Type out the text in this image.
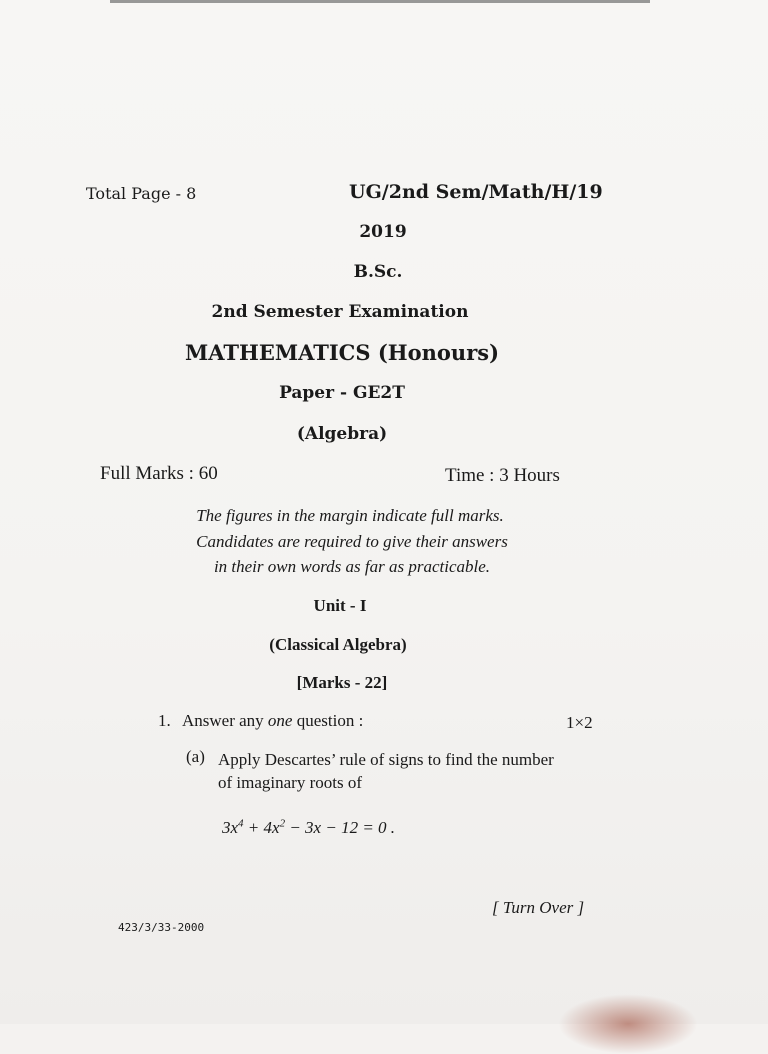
Total Page - 8	UG/2nd Sem/Math/H/19
2019
B.Sc.
2nd Semester Examination
MATHEMATICS (Honours)
Paper - GE2T
(Algebra)
Full Marks : 60	Time : 3 Hours
The figures in the margin indicate full marks.
Candidates are required to give their answers
in their own words as far as practicable.
Unit - I
(Classical Algebra)
[Marks - 22]
1. Answer any one question :	1×2
(a) Apply Descartes’ rule of signs to find the number
of imaginary roots of
$3x^4 + 4x^2 - 3x - 12 = 0$ .
[ Turn Over ]
423/3/33-2000
